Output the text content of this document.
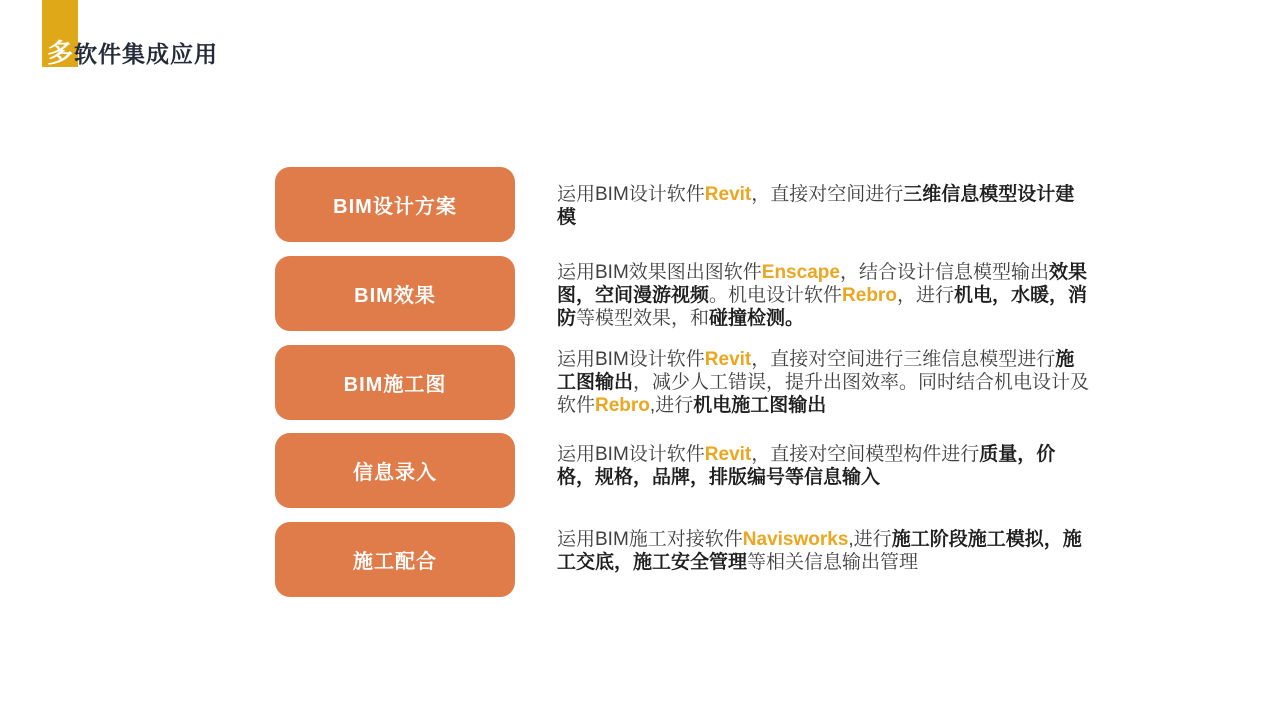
多软件集成应用
BIM设计方案
BIM效果
BIM施工图
信息录入
施工配合

运用BIM设计软件Revit，直接对空间进行三维信息模型设计建模

运用BIM效果图出图软件Enscape，结合设计信息模型输出效果图，空间漫游视频。机电设计软件Rebro，进行机电，水暖，消防等模型效果，和碰撞检测。

运用BIM设计软件Revit，直接对空间进行三维信息模型进行施工图输出，减少人工错误，提升出图效率。同时结合机电设计及软件Rebro,进行机电施工图输出

运用BIM设计软件Revit，直接对空间模型构件进行质量，价格，规格，品牌，排版编号等信息输入

运用BIM施工对接软件Navisworks,进行施工阶段施工模拟，施工交底，施工安全管理等相关信息输出管理
